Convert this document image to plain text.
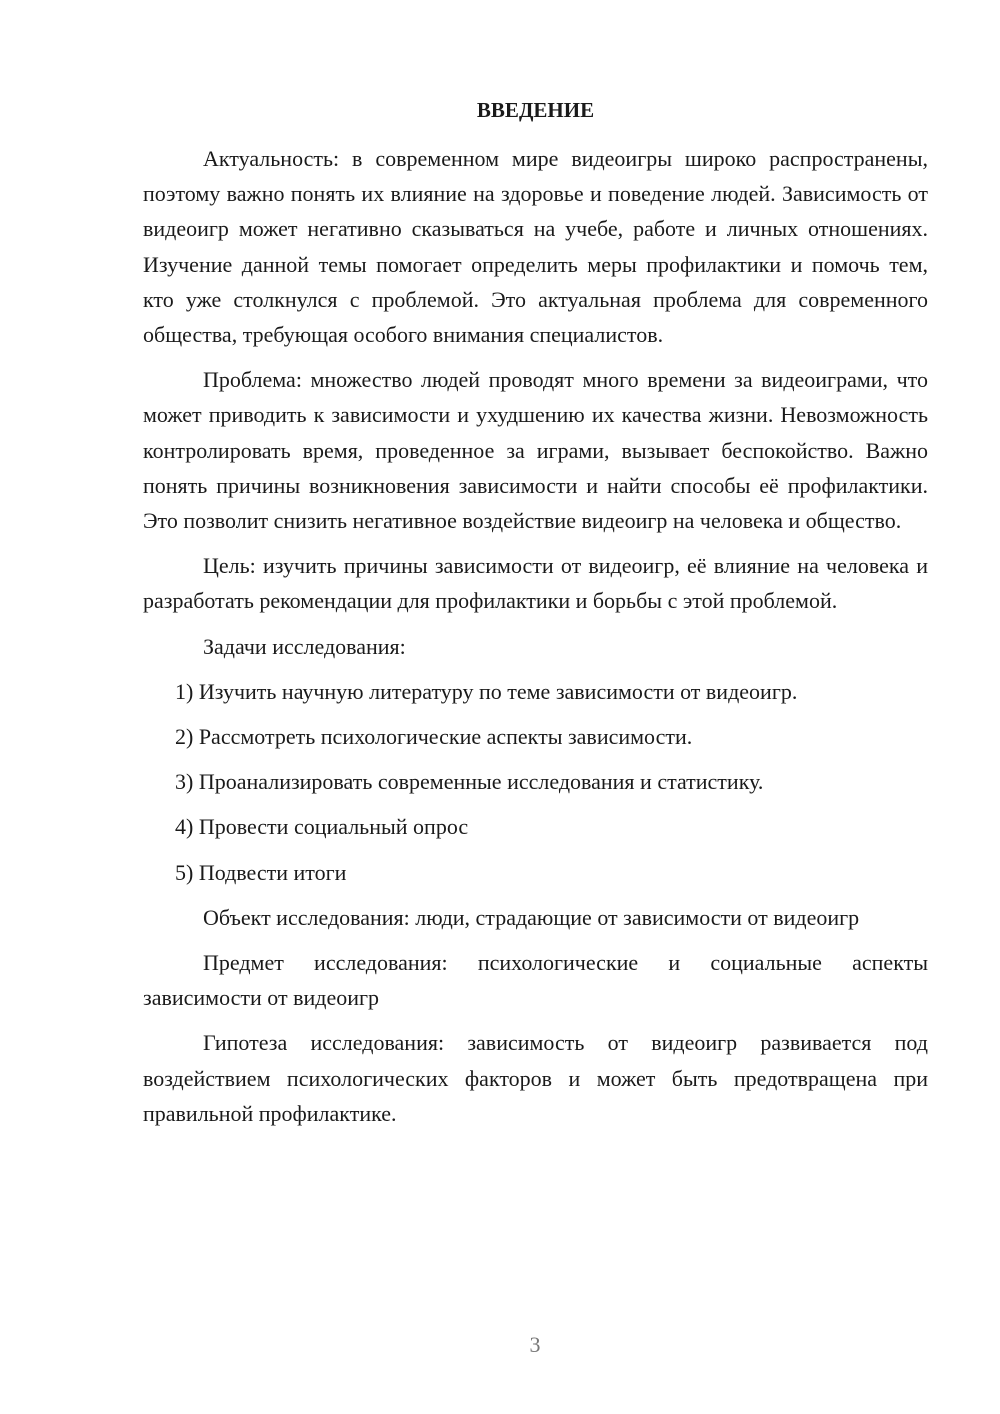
ВВЕДЕНИЕ

Актуальность: в современном мире видеоигры широко распространены, поэтому важно понять их влияние на здоровье и поведение людей. Зависимость от видеоигр может негативно сказываться на учебе, работе и личных отношениях. Изучение данной темы помогает определить меры профилактики и помочь тем, кто уже столкнулся с проблемой. Это актуальная проблема для современного общества, требующая особого внимания специалистов.

Проблема: множество людей проводят много времени за видеоиграми, что может приводить к зависимости и ухудшению их качества жизни. Невозможность контролировать время, проведенное за играми, вызывает беспокойство. Важно понять причины возникновения зависимости и найти способы её профилактики. Это позволит снизить негативное воздействие видеоигр на человека и общество.

Цель: изучить причины зависимости от видеоигр, её влияние на человека и разработать рекомендации для профилактики и борьбы с этой проблемой.

Задачи исследования:

1) Изучить научную литературу по теме зависимости от видеоигр.

2) Рассмотреть психологические аспекты зависимости.

3) Проанализировать современные исследования и статистику.

4) Провести социальный опрос

5) Подвести итоги

Объект исследования: люди, страдающие от зависимости от видеоигр

Предмет исследования: психологические и социальные аспекты зависимости от видеоигр

Гипотеза исследования: зависимость от видеоигр развивается под воздействием психологических факторов и может быть предотвращена при правильной профилактике.

3
